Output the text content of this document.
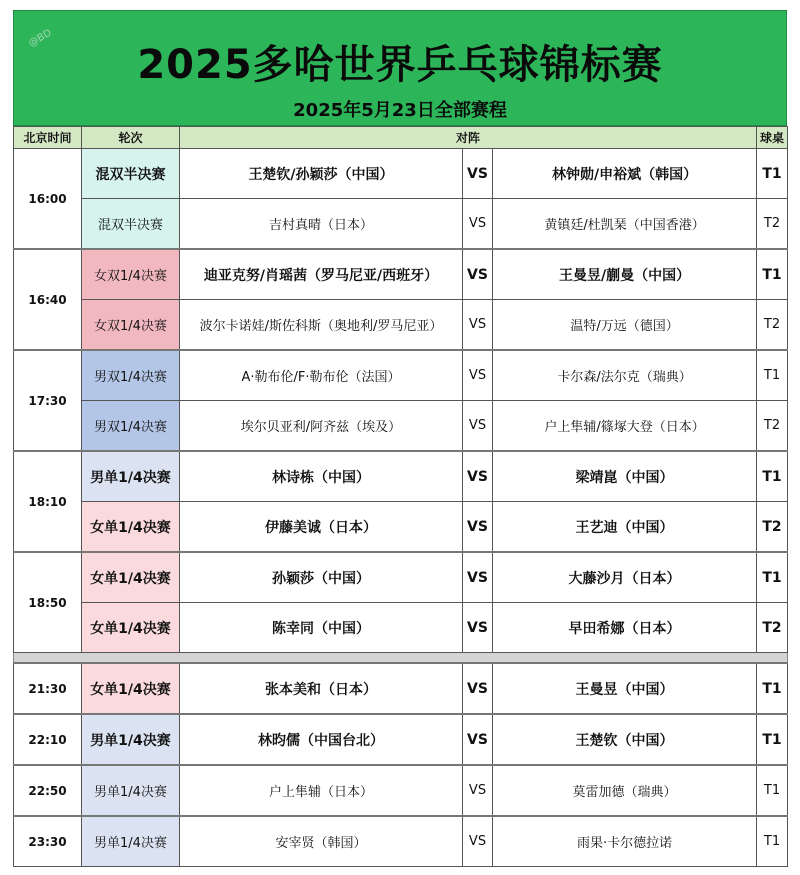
@BD
2025多哈世界乒乓球锦标赛
2025年5月23日全部赛程
北京时间	轮次	对阵			球桌
16:00	混双半决赛	王楚钦/孙颖莎（中国）	VS	林钟勋/申裕斌（韩国）	T1
	混双半决赛	吉村真晴（日本）	VS	黄镇廷/杜凯琹（中国香港）	T2
16:40	女双1/4决赛	迪亚克努/肖瑶茜（罗马尼亚/西班牙）	VS	王曼昱/蒯曼（中国）	T1
	女双1/4决赛	波尔卡诺娃/斯佐科斯（奥地利/罗马尼亚）	VS	温特/万远（德国）	T2
17:30	男双1/4决赛	A·勒布伦/F·勒布伦（法国）	VS	卡尔森/法尔克（瑞典）	T1
	男双1/4决赛	埃尔贝亚利/阿齐兹（埃及）	VS	户上隼辅/篠塚大登（日本）	T2
18:10	男单1/4决赛	林诗栋（中国）	VS	梁靖崑（中国）	T1
	女单1/4决赛	伊藤美诚（日本）	VS	王艺迪（中国）	T2
18:50	女单1/4决赛	孙颖莎（中国）	VS	大藤沙月（日本）	T1
	女单1/4决赛	陈幸同（中国）	VS	早田希娜（日本）	T2

21:30	女单1/4决赛	张本美和（日本）	VS	王曼昱（中国）	T1
22:10	男单1/4决赛	林昀儒（中国台北）	VS	王楚钦（中国）	T1
22:50	男单1/4决赛	户上隼辅（日本）	VS	莫雷加德（瑞典）	T1
23:30	男单1/4决赛	安宰贤（韩国）	VS	雨果·卡尔德拉诺	T1
